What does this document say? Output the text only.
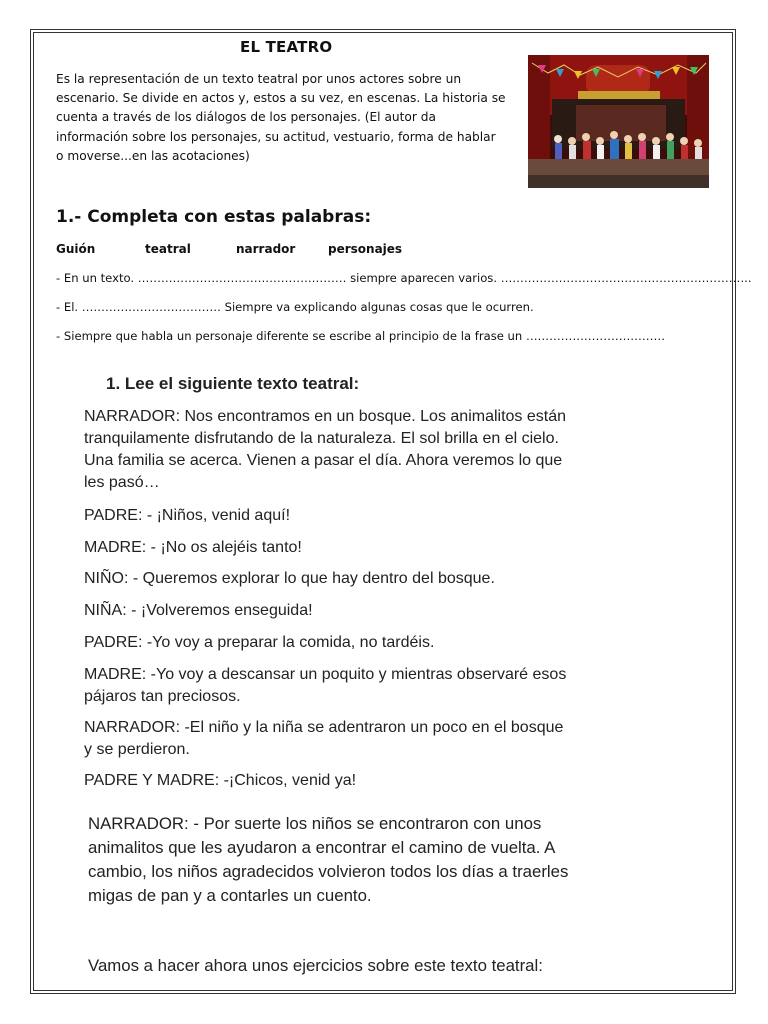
EL TEATRO
Es la representación de un texto teatral por unos actores sobre un
escenario. Se divide en actos y, estos a su vez, en escenas. La historia se
cuenta a través de los diálogos de los personajes. (El autor da
información sobre los personajes, su actitud, vestuario, forma de hablar
o moverse...en las acotaciones)
1.- Completa con estas palabras:
Guión	teatral	narrador	personajes
- En un texto. ……………………………………………… siempre aparecen varios. ………………………………………………………..
- El. ……………………………… Siempre va explicando algunas cosas que le ocurren.
- Siempre que habla un personaje diferente se escribe al principio de la frase un ………………………………
1. Lee el siguiente texto teatral:
NARRADOR: Nos encontramos en un bosque. Los animalitos están
tranquilamente disfrutando de la naturaleza. El sol brilla en el cielo.
Una familia se acerca. Vienen a pasar el día. Ahora veremos lo que
les pasó…
PADRE: - ¡Niños, venid aquí!
MADRE: - ¡No os alejéis tanto!
NIÑO: - Queremos explorar lo que hay dentro del bosque.
NIÑA: - ¡Volveremos enseguida!
PADRE: -Yo voy a preparar la comida, no tardéis.
MADRE: -Yo voy a descansar un poquito y mientras observaré esos
pájaros tan preciosos.
NARRADOR: -El niño y la niña se adentraron un poco en el bosque
y se perdieron.
PADRE Y MADRE: -¡Chicos, venid ya!
NARRADOR: - Por suerte los niños se encontraron con unos
animalitos que les ayudaron a encontrar el camino de vuelta. A
cambio, los niños agradecidos volvieron todos los días a traerles
migas de pan y a contarles un cuento.
Vamos a hacer ahora unos ejercicios sobre este texto teatral:
